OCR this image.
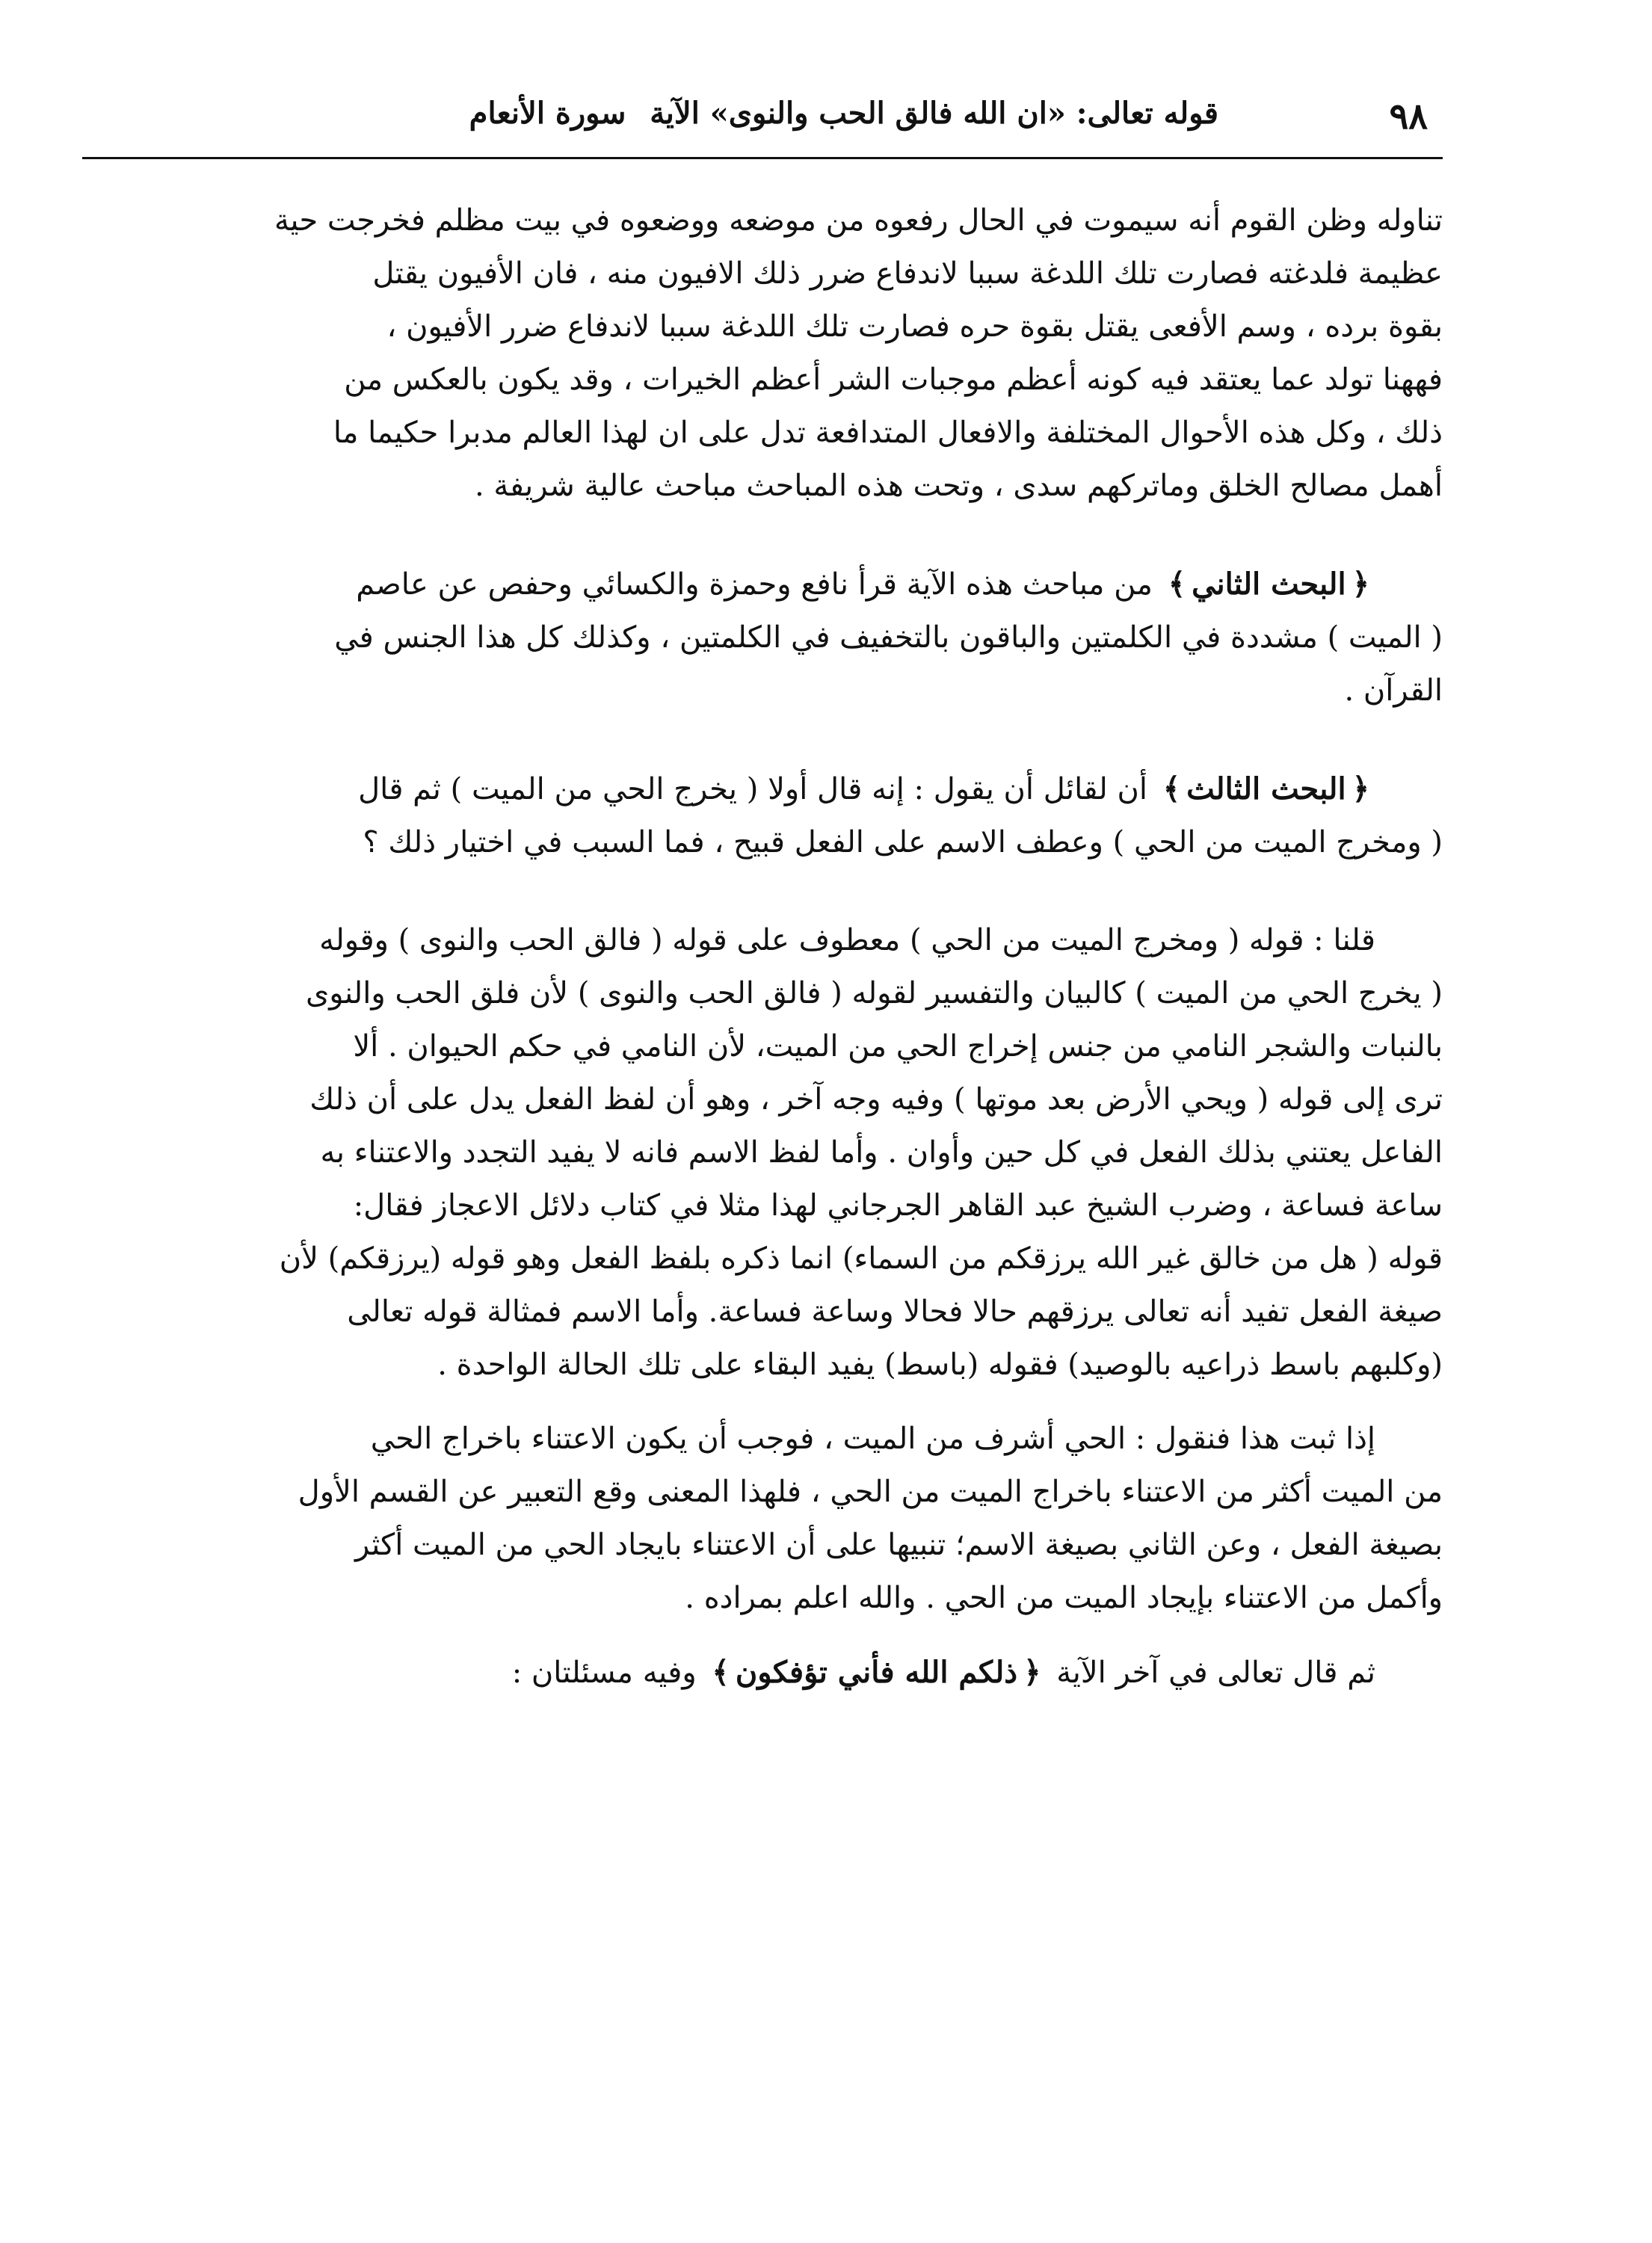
٩٨
قوله تعالى: «ان الله فالق الحب والنوى» الآية سورة الأنعام

تناوله وظن القوم أنه سيموت في الحال رفعوه من موضعه ووضعوه في بيت مظلم فخرجت حية
عظيمة فلدغته فصارت تلك اللدغة سببا لاندفاع ضرر ذلك الافيون منه ، فان الأفيون يقتل
بقوة برده ، وسم الأفعى يقتل بقوة حره فصارت تلك اللدغة سببا لاندفاع ضرر الأفيون ،
فههنا تولد عما يعتقد فيه كونه أعظم موجبات الشر أعظم الخيرات ، وقد يكون بالعكس من
ذلك ، وكل هذه الأحوال المختلفة والافعال المتدافعة تدل على ان لهذا العالم مدبرا حكيما ما
أهمل مصالح الخلق وماتركهم سدى ، وتحت هذه المباحث مباحث عالية شريفة .

﴿البحث الثاني﴾ من مباحث هذه الآية قرأ نافع وحمزة والكسائي وحفص عن عاصم
( الميت ) مشددة في الكلمتين والباقون بالتخفيف في الكلمتين ، وكذلك كل هذا الجنس في
القرآن .

﴿البحث الثالث﴾ أن لقائل أن يقول : إنه قال أولا ( يخرج الحي من الميت ) ثم قال
( ومخرج الميت من الحي ) وعطف الاسم على الفعل قبيح ، فما السبب في اختيار ذلك ؟

قلنا : قوله ( ومخرج الميت من الحي ) معطوف على قوله ( فالق الحب والنوى ) وقوله
( يخرج الحي من الميت ) كالبيان والتفسير لقوله ( فالق الحب والنوى ) لأن فلق الحب والنوى
بالنبات والشجر النامي من جنس إخراج الحي من الميت، لأن النامي في حكم الحيوان . ألا
ترى إلى قوله ( ويحي الأرض بعد موتها ) وفيه وجه آخر ، وهو أن لفظ الفعل يدل على أن ذلك
الفاعل يعتني بذلك الفعل في كل حين وأوان . وأما لفظ الاسم فانه لا يفيد التجدد والاعتناء به
ساعة فساعة ، وضرب الشيخ عبد القاهر الجرجاني لهذا مثلا في كتاب دلائل الاعجاز فقال:
قوله ( هل من خالق غير الله يرزقكم من السماء) انما ذكره بلفظ الفعل وهو قوله (يرزقكم) لأن
صيغة الفعل تفيد أنه تعالى يرزقهم حالا فحالا وساعة فساعة. وأما الاسم فمثالة قوله تعالى
(وكلبهم باسط ذراعيه بالوصيد) فقوله (باسط) يفيد البقاء على تلك الحالة الواحدة .

إذا ثبت هذا فنقول : الحي أشرف من الميت ، فوجب أن يكون الاعتناء باخراج الحي
من الميت أكثر من الاعتناء باخراج الميت من الحي ، فلهذا المعنى وقع التعبير عن القسم الأول
بصيغة الفعل ، وعن الثاني بصيغة الاسم؛ تنبيها على أن الاعتناء بايجاد الحي من الميت أكثر
وأكمل من الاعتناء بإيجاد الميت من الحي . والله اعلم بمراده .

ثم قال تعالى في آخر الآية ﴿ذلكم الله فأني تؤفكون﴾ وفيه مسئلتان :
